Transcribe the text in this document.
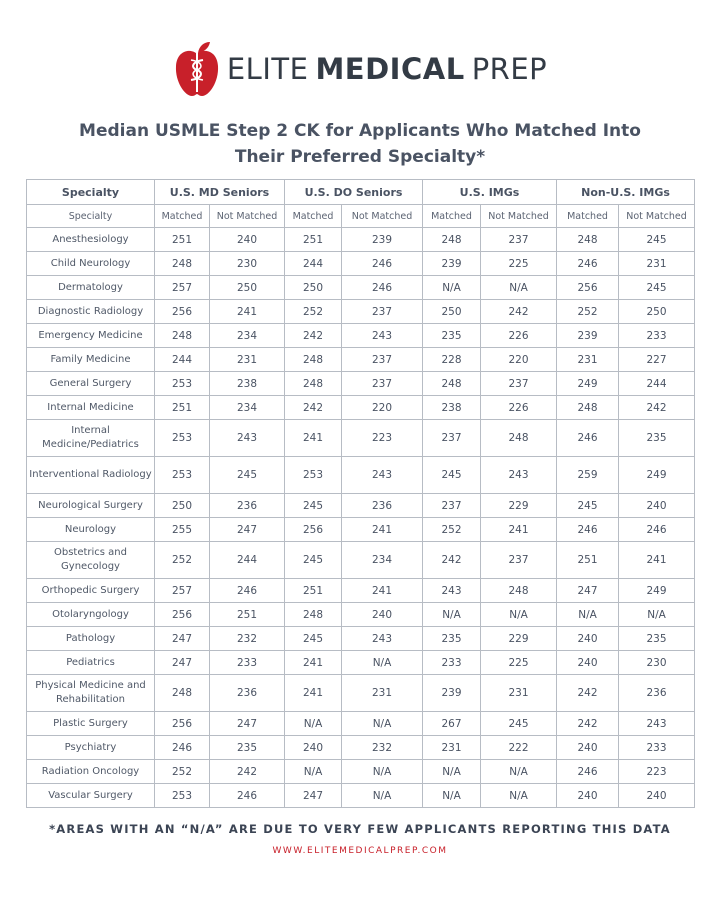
ELITE MEDICAL PREP
Median USMLE Step 2 CK for Applicants Who Matched Into
Their Preferred Specialty*
Specialty	U.S. MD Seniors		U.S. DO Seniors		U.S. IMGs		Non-U.S. IMGs	
Specialty	Matched	Not Matched	Matched	Not Matched	Matched	Not Matched	Matched	Not Matched
Anesthesiology	251	240	251	239	248	237	248	245
Child Neurology	248	230	244	246	239	225	246	231
Dermatology	257	250	250	246	N/A	N/A	256	245
Diagnostic Radiology	256	241	252	237	250	242	252	250
Emergency Medicine	248	234	242	243	235	226	239	233
Family Medicine	244	231	248	237	228	220	231	227
General Surgery	253	238	248	237	248	237	249	244
Internal Medicine	251	234	242	220	238	226	248	242
Internal Medicine/Pediatrics	253	243	241	223	237	248	246	235
Interventional Radiology	253	245	253	243	245	243	259	249
Neurological Surgery	250	236	245	236	237	229	245	240
Neurology	255	247	256	241	252	241	246	246
Obstetrics and Gynecology	252	244	245	234	242	237	251	241
Orthopedic Surgery	257	246	251	241	243	248	247	249
Otolaryngology	256	251	248	240	N/A	N/A	N/A	N/A
Pathology	247	232	245	243	235	229	240	235
Pediatrics	247	233	241	N/A	233	225	240	230
Physical Medicine and Rehabilitation	248	236	241	231	239	231	242	236
Plastic Surgery	256	247	N/A	N/A	267	245	242	243
Psychiatry	246	235	240	232	231	222	240	233
Radiation Oncology	252	242	N/A	N/A	N/A	N/A	246	223
Vascular Surgery	253	246	247	N/A	N/A	N/A	240	240
*AREAS WITH AN “N/A” ARE DUE TO VERY FEW APPLICANTS REPORTING THIS DATA
WWW.ELITEMEDICALPREP.COM
